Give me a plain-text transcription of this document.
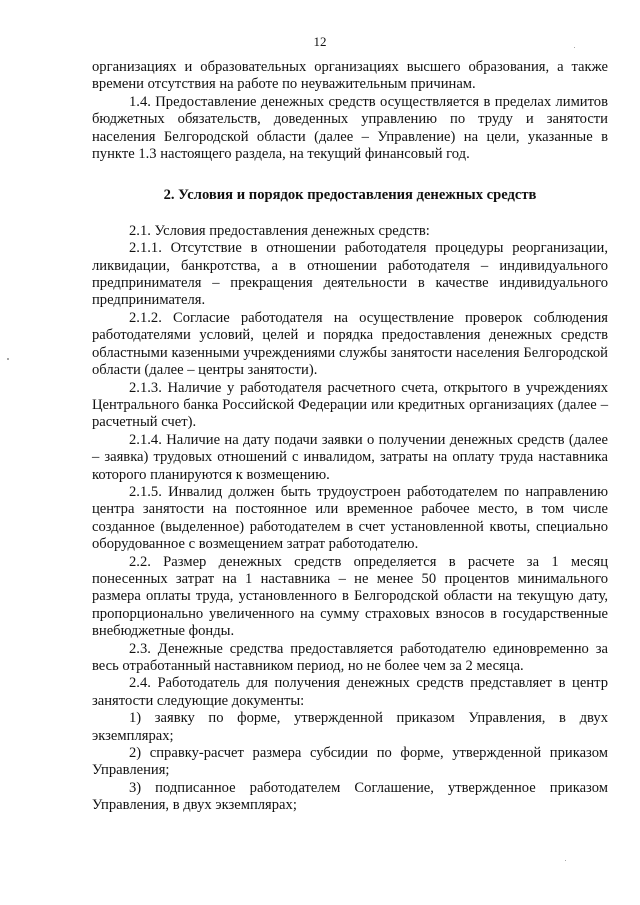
12

организациях и образовательных организациях высшего образования, а также времени отсутствия на работе по неуважительным причинам.

1.4. Предоставление денежных средств осуществляется в пределах лимитов бюджетных обязательств, доведенных управлению по труду и занятости населения Белгородской области (далее – Управление) на цели, указанные в пункте 1.3 настоящего раздела, на текущий финансовый год.

2. Условия и порядок предоставления денежных средств

2.1. Условия предоставления денежных средств:

2.1.1. Отсутствие в отношении работодателя процедуры реорганизации, ликвидации, банкротства, а в отношении работодателя – индивидуального предпринимателя – прекращения деятельности в качестве индивидуального предпринимателя.

2.1.2. Согласие работодателя на осуществление проверок соблюдения работодателями условий, целей и порядка предоставления денежных средств областными казенными учреждениями службы занятости населения Белгородской области (далее – центры занятости).

2.1.3. Наличие у работодателя расчетного счета, открытого в учреждениях Центрального банка Российской Федерации или кредитных организациях (далее – расчетный счет).

2.1.4. Наличие на дату подачи заявки о получении денежных средств (далее – заявка) трудовых отношений с инвалидом, затраты на оплату труда наставника которого планируются к возмещению.

2.1.5. Инвалид должен быть трудоустроен работодателем по направлению центра занятости на постоянное или временное рабочее место, в том числе созданное (выделенное) работодателем в счет установленной квоты, специально оборудованное с возмещением затрат работодателю.

2.2. Размер денежных средств определяется в расчете за 1 месяц понесенных затрат на 1 наставника – не менее 50 процентов минимального размера оплаты труда, установленного в Белгородской области на текущую дату, пропорционально увеличенного на сумму страховых взносов в государственные внебюджетные фонды.

2.3. Денежные средства предоставляется работодателю единовременно за весь отработанный наставником период, но не более чем за 2 месяца.

2.4. Работодатель для получения денежных средств представляет в центр занятости следующие документы:

1) заявку по форме, утвержденной приказом Управления, в двух экземплярах;

2) справку-расчет размера субсидии по форме, утвержденной приказом Управления;

3) подписанное работодателем Соглашение, утвержденное приказом Управления, в двух экземплярах;
